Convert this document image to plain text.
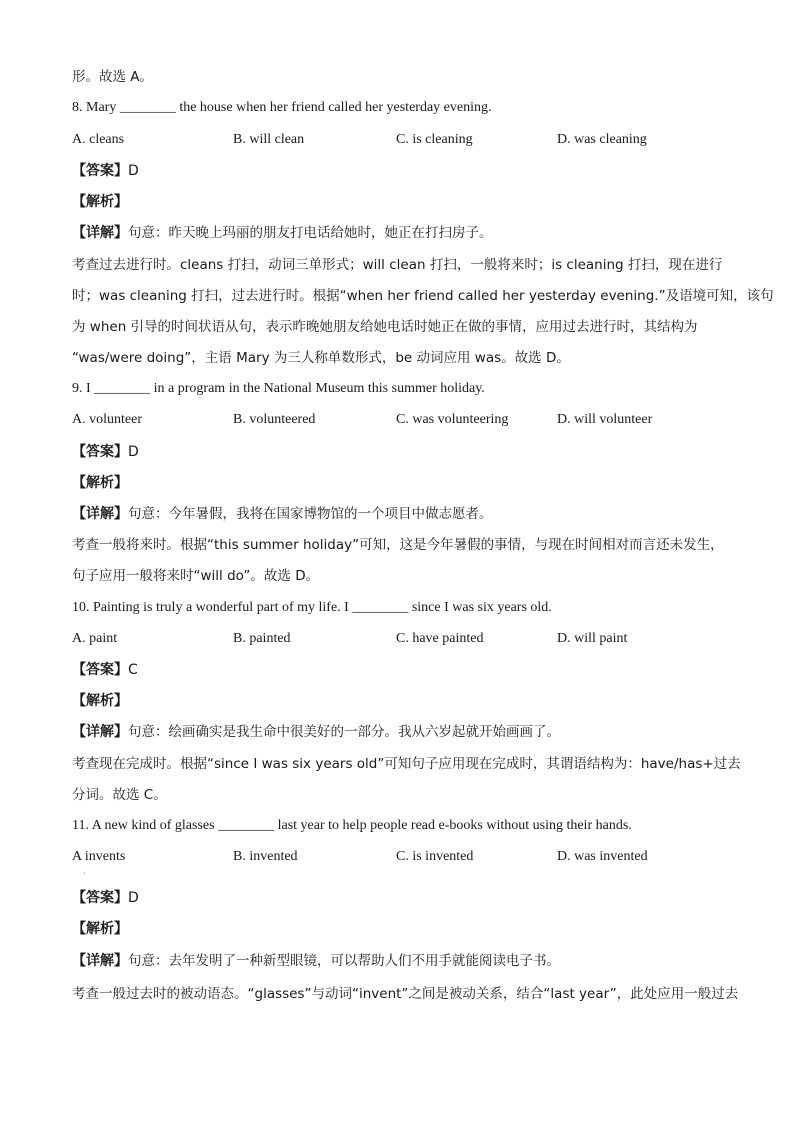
形。故选 A。
8. Mary ________ the house when her friend called her yesterday evening.
A. cleans	B. will clean	C. is cleaning	D. was cleaning
【答案】D
【解析】
【详解】句意：昨天晚上玛丽的朋友打电话给她时，她正在打扫房子。
考查过去进行时。cleans 打扫，动词三单形式；will clean 打扫，一般将来时；is cleaning 打扫，现在进行
时；was cleaning 打扫，过去进行时。根据“when her friend called her yesterday evening.”及语境可知，该句
为 when 引导的时间状语从句，表示昨晚她朋友给她电话时她正在做的事情，应用过去进行时，其结构为
“was/were doing”，主语 Mary 为三人称单数形式，be 动词应用 was。故选 D。
9. I ________ in a program in the National Museum this summer holiday.
A. volunteer	B. volunteered	C. was volunteering	D. will volunteer
【答案】D
【解析】
【详解】句意：今年暑假，我将在国家博物馆的一个项目中做志愿者。
考查一般将来时。根据“this summer holiday”可知，这是今年暑假的事情，与现在时间相对而言还未发生，
句子应用一般将来时“will do”。故选 D。
10. Painting is truly a wonderful part of my life. I ________ since I was six years old.
A. paint	B. painted	C. have painted	D. will paint
【答案】C
【解析】
【详解】句意：绘画确实是我生命中很美好的一部分。我从六岁起就开始画画了。
考查现在完成时。根据“since I was six years old”可知句子应用现在完成时，其谓语结构为：have/has+过去
分词。故选 C。
11. A new kind of glasses ________ last year to help people read e-books without using their hands.
A invents	B. invented	C. is invented	D. was invented
·
【答案】D
【解析】
【详解】句意：去年发明了一种新型眼镜，可以帮助人们不用手就能阅读电子书。
考查一般过去时的被动语态。“glasses”与动词“invent”之间是被动关系，结合“last year”，此处应用一般过去
